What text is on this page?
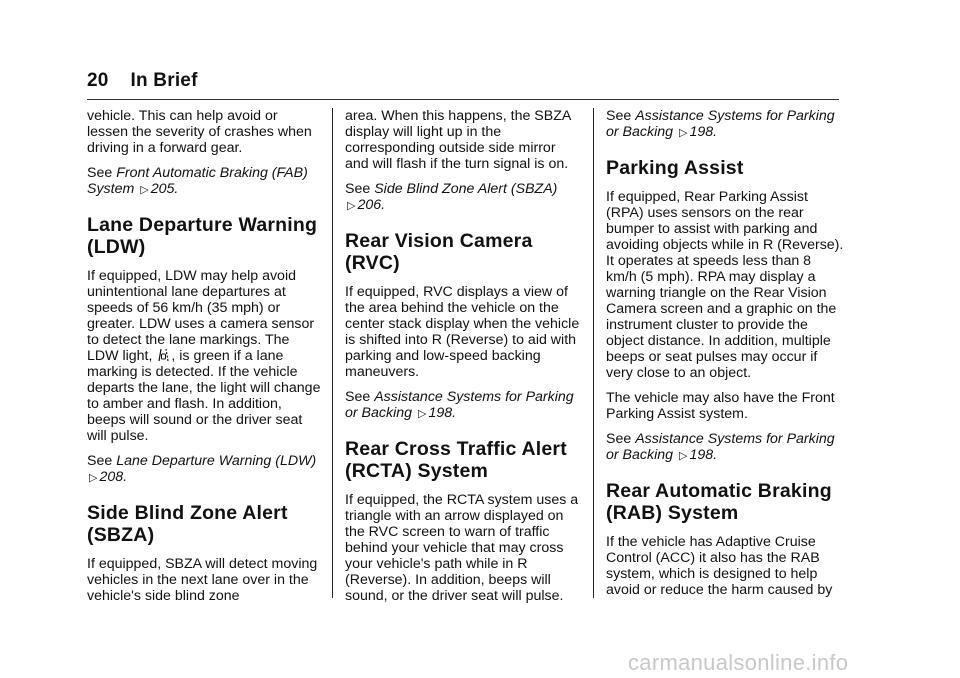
20 In Brief

vehicle. This can help avoid or lessen the severity of crashes when driving in a forward gear.

See Front Automatic Braking (FAB) System ▷ 205.

Lane Departure Warning (LDW)

If equipped, LDW may help avoid unintentional lane departures at speeds of 56 km/h (35 mph) or greater. LDW uses a camera sensor to detect the lane markings. The LDW light, , is green if a lane marking is detected. If the vehicle departs the lane, the light will change to amber and flash. In addition, beeps will sound or the driver seat will pulse.

See Lane Departure Warning (LDW)
▷ 208.

Side Blind Zone Alert (SBZA)

If equipped, SBZA will detect moving vehicles in the next lane over in the vehicle's side blind zone

area. When this happens, the SBZA display will light up in the corresponding outside side mirror and will flash if the turn signal is on.

See Side Blind Zone Alert (SBZA)
▷ 206.

Rear Vision Camera (RVC)

If equipped, RVC displays a view of the area behind the vehicle on the center stack display when the vehicle is shifted into R (Reverse) to aid with parking and low-speed backing maneuvers.

See Assistance Systems for Parking or Backing ▷ 198.

Rear Cross Traffic Alert (RCTA) System

If equipped, the RCTA system uses a triangle with an arrow displayed on the RVC screen to warn of traffic behind your vehicle that may cross your vehicle's path while in R (Reverse). In addition, beeps will sound, or the driver seat will pulse.

See Assistance Systems for Parking or Backing ▷ 198.

Parking Assist

If equipped, Rear Parking Assist (RPA) uses sensors on the rear bumper to assist with parking and avoiding objects while in R (Reverse). It operates at speeds less than 8 km/h (5 mph). RPA may display a warning triangle on the Rear Vision Camera screen and a graphic on the instrument cluster to provide the object distance. In addition, multiple beeps or seat pulses may occur if very close to an object.

The vehicle may also have the Front Parking Assist system.

See Assistance Systems for Parking or Backing ▷ 198.

Rear Automatic Braking (RAB) System

If the vehicle has Adaptive Cruise Control (ACC) it also has the RAB system, which is designed to help avoid or reduce the harm caused by

carmanualsonline.info
